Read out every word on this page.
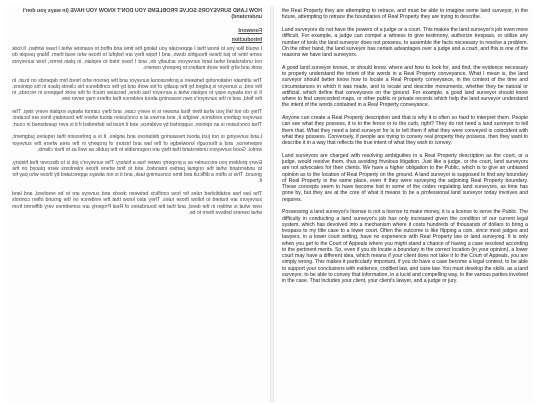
HOW LAND SURVEYORS SOLVE PROBLEMS YOU DON'T KNOW YOU HAVE (in ways you don't understand)

Foreword

Introduction

I would like you to know that I appreciate you taking the time and effort to examine what I have written. It took some time to put these thoughts down, and I hope they are helpful to those who read them. Many people do not understand what land surveyors actually do, and I have tried to explain, in plain terms, how surveyors work and why their work matters to property owners.

The ultimate relationship between a professional surveyor and the person who hired him depends on trust. In the end, a surveyor is judged by the quality of his work and by the confidence his clients place in his opinions. It is not always easy to explain what a surveyor has done, because much of the work happens in records, in the field, and in the surveyor's own reasoning about evidence that others may never see.

They do not tell you what their final answer is in every case, and they cannot always explain every step. The surveyor gathers evidence, weighs it, and arrives at a conclusion about where the boundary lines are located. That conclusion is an opinion, supported by evidence, and it must be defended if it is ever questioned in court.

Land surveying is not just about measuring distances and angles. It is a profession that requires judgment, experience, and a thorough knowledge of the law and history of property in the area where the surveyor works. Good surveyors understand that they are responsible to the public as well as to their clients.

Every problem you encounter as a property owner has a history. The surveyor's job is to discover that history, to understand what the original parties intended, and to find where those intentions were placed on the ground. This is often a difficult and time consuming task, and it is not always appreciated by those who pay for it.

The law has established rules for how conflicts between deeds and surveys are to be resolved, and land surveyors are trained to follow those rules. They also know that the evidence on the ground often controls over what is written in the deed, and that the boundaries of Real Property are sometimes very different from what owners believe them to be.

the Real Property they are attempting to retrace, and must be able to imagine some land surveyor, in the future, attempting to retrace the boundaries of Real Property they are trying to describe.

Land surveyors do not have the powers of a judge or a court. This makes the land surveyor's job even more difficult. For example, a judge can compel a witness to give testimony, authorize trespass, or utilize any number of tools the land surveyor does not possess, to assemble the facts necessary to resolve a problem. On the other hand, the land surveyor has certain advantages over a judge and a court, and this is one of the reasons we have land surveyors.

A good land surveyor knows, or should know, where and how to look for, and find, the evidence necessary to properly understand the intent of the words in a Real Property conveyance. What I mean is, the land surveyor should better know how to locate a Real Property conveyance, in the context of the time and circumstances in which it was made, and to locate and describe monuments, whether they be natural or artificial, which define that conveyance on the ground. For example, a good land surveyor should know where to find unrecorded maps, or other public or private records which help the land surveyor understand the intent of the words contained in a Real Property conveyance.

Anyone can create a Real Property description and that is why it is often so hard to interpret them. People can see what they possess, it is to the fence or to the curb, right? They do not need a land surveyor to tell them that. What they need a land surveyor for is to tell them if what they were conveyed is coincident with what they possess. Conversely, if people are trying to convey real property they possess, then they want to describe it in a way that reflects the true intent of what they wish to convey.

Land surveyors are charged with resolving ambiguities in a Real Property description as the court, or a judge, would resolve them, thus avoiding frivolous litigation. Just like a judge, or the court, land surveyors are not advocates for their clients. We have a higher obligation to the Public, which is to give an unbiased opinion as to the location of Real Property on the ground. A land surveyor is supposed to find any boundary of Real Property in the same place, even if they were surveying the adjoining Real Property boundary. These concepts seem to have become lost in some of the codes regulating land surveyors, as time has gone by, but they are at the core of what it means to be a professional land surveyor today involves and requires.

Possessing a land surveyor's license is not a license to make money, it is a license to serve the Public. The difficulty in conducting a land surveyor's job has only increased given the condition of our current legal system, which has devolved into a mechanism where it costs hundreds of thousands of dollars to bring a trespass to my title case to a lower court. Often the outcome is like flipping a coin, since most judges and lawyers, in a lower court setting, have no experience with Real Property law or land surveying. It is only when you get to the Court of Appeals where you might stand a chance of having a case resolved according to the pertinent merits. So, even if you do locate a boundary in the correct location (in your opinion), a lower court may have a different idea, which means if your client does not take it to the Court of Appeals, you are simply wrong. This makes it particularly important, if you do have a case become a legal contest, to be able to support your conclusions with evidence, codified law, and case law. You must develop the skills, as a land surveyor, to be able to convey that information, in a lucid and compelling way, to the various parties involved in the case. That includes your client, your client's lawyer, and a judge or jury.
